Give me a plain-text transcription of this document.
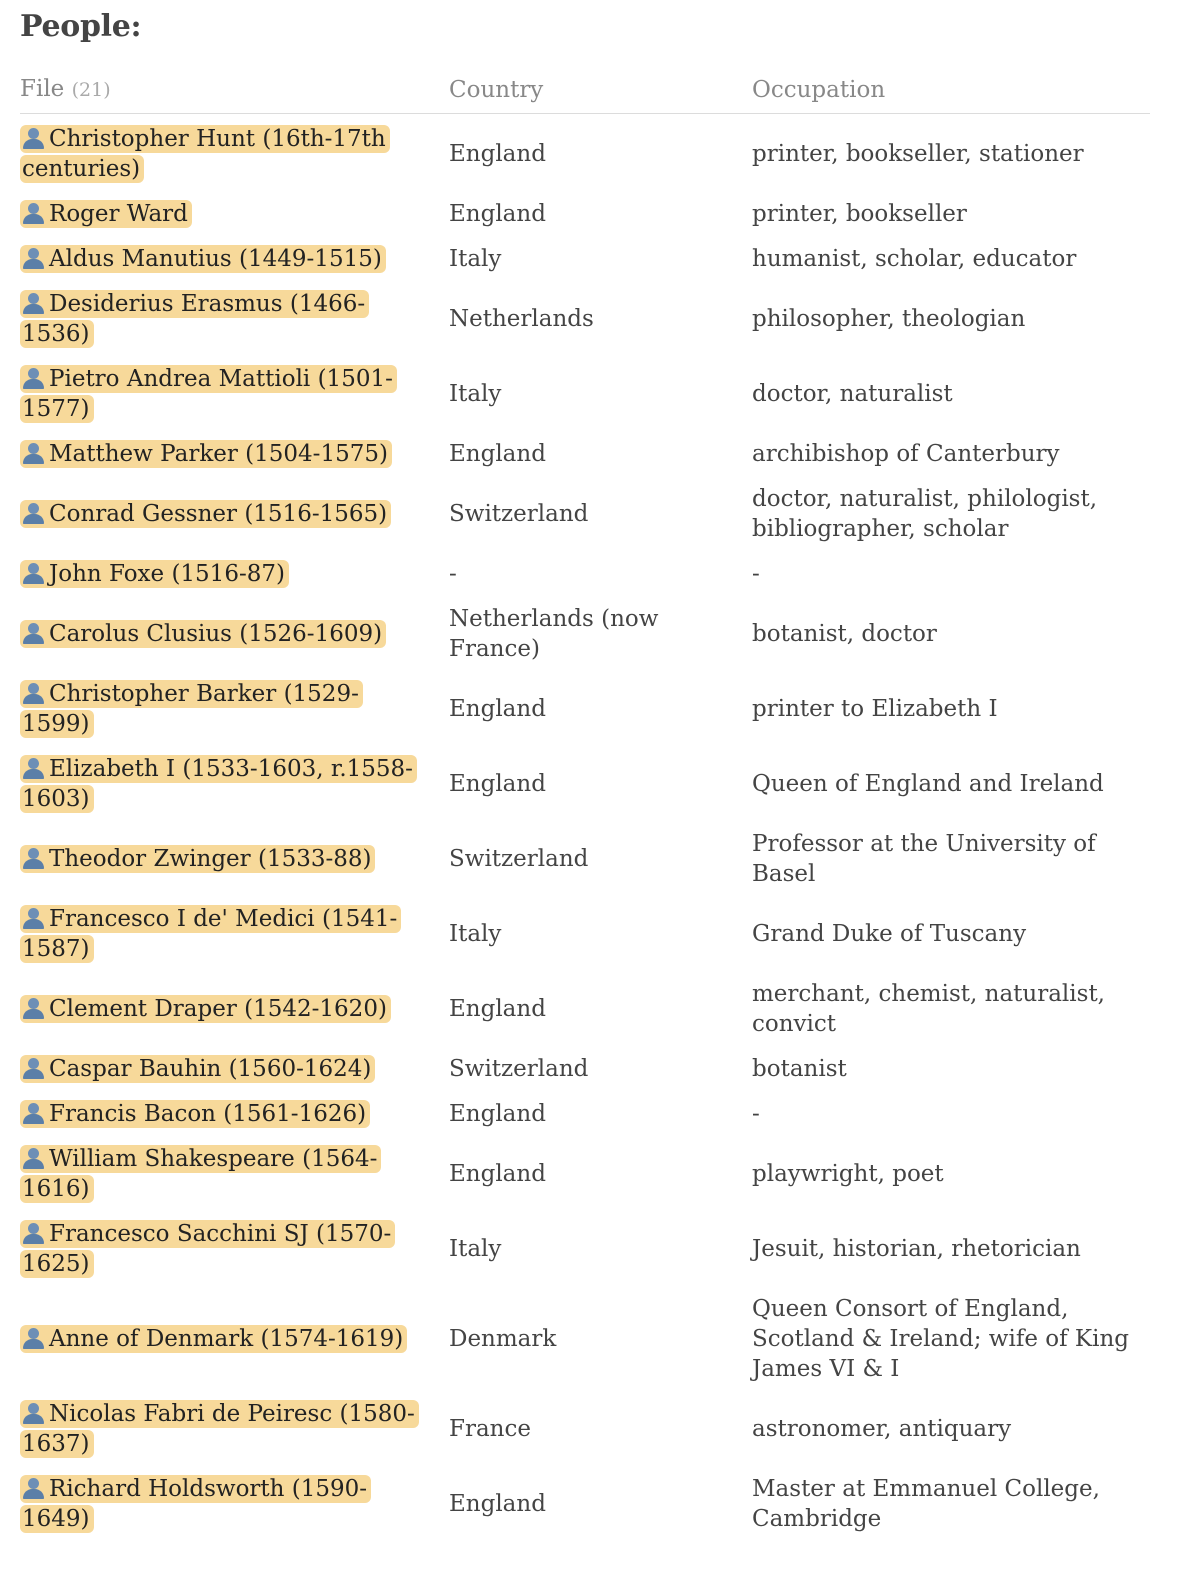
People:
File (21)	Country	Occupation

Christopher Hunt (16th-17th centuries)	England	printer, bookseller, stationer

Roger Ward	England	printer, bookseller

Aldus Manutius (1449-1515)	Italy	humanist, scholar, educator

Desiderius Erasmus (1466-1536)	Netherlands	philosopher, theologian

Pietro Andrea Mattioli (1501-1577)	Italy	doctor, naturalist

Matthew Parker (1504-1575)	England	archibishop of Canterbury

Conrad Gessner (1516-1565)	Switzerland	doctor, naturalist, philologist, bibliographer, scholar

John Foxe (1516-87)	-	-

Carolus Clusius (1526-1609)	Netherlands (now France)	botanist, doctor

Christopher Barker (1529-1599)	England	printer to Elizabeth I

Elizabeth I (1533-1603, r.1558-1603)	England	Queen of England and Ireland

Theodor Zwinger (1533-88)	Switzerland	Professor at the University of Basel

Francesco I de' Medici (1541-1587)	Italy	Grand Duke of Tuscany

Clement Draper (1542-1620)	England	merchant, chemist, naturalist, convict

Caspar Bauhin (1560-1624)	Switzerland	botanist

Francis Bacon (1561-1626)	England	-

William Shakespeare (1564-1616)	England	playwright, poet

Francesco Sacchini SJ (1570-1625)	Italy	Jesuit, historian, rhetorician

Anne of Denmark (1574-1619)	Denmark	Queen Consort of England, Scotland & Ireland; wife of King James VI & I

Nicolas Fabri de Peiresc (1580-1637)	France	astronomer, antiquary

Richard Holdsworth (1590-1649)	England	Master at Emmanuel College, Cambridge
